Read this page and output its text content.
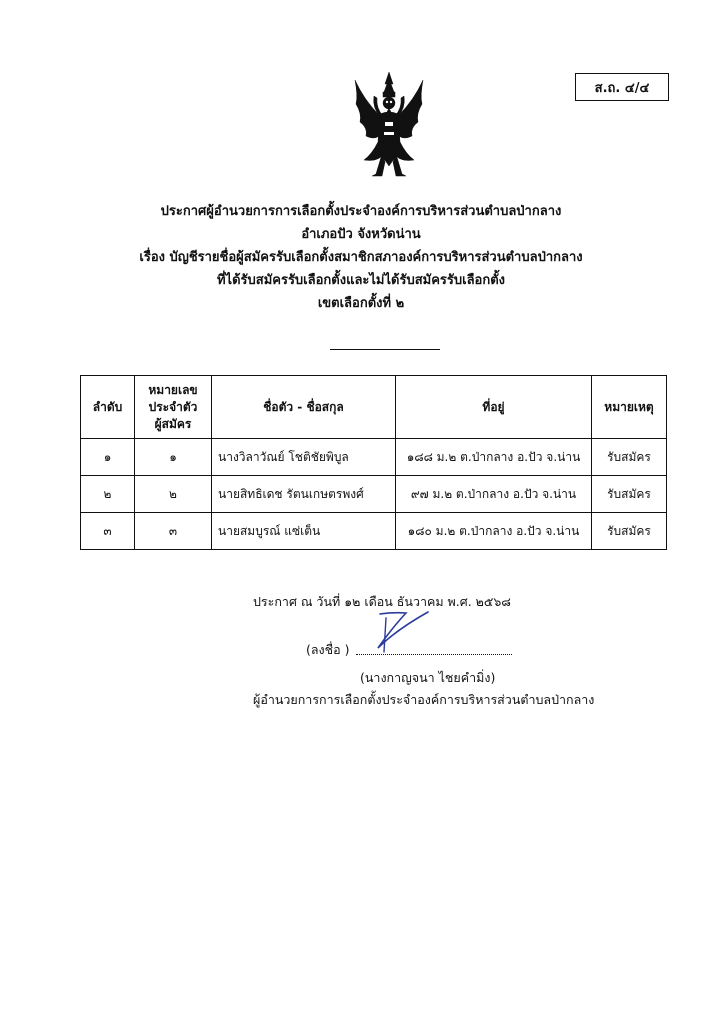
ส.ถ. ๔/๔
ประกาศผู้อำนวยการการเลือกตั้งประจำองค์การบริหารส่วนตำบลป่ากลาง
อำเภอปัว จังหวัดน่าน
เรื่อง บัญชีรายชื่อผู้สมัครรับเลือกตั้งสมาชิกสภาองค์การบริหารส่วนตำบลป่ากลาง
ที่ได้รับสมัครรับเลือกตั้งและไม่ได้รับสมัครรับเลือกตั้ง
เขตเลือกตั้งที่ ๒
ลำดับ	หมายเลข
ประจำตัว
ผู้สมัคร	ชื่อตัว - ชื่อสกุล	ที่อยู่	หมายเหตุ
๑	๑	นางวิลาวัณย์ โชติชัยพิบูล	๑๘๘ ม.๒ ต.ป่ากลาง อ.ปัว จ.น่าน	รับสมัคร
๒	๒	นายสิทธิเดช รัตนเกษตรพงศ์	๙๗ ม.๒ ต.ป่ากลาง อ.ปัว จ.น่าน	รับสมัคร
๓	๓	นายสมบูรณ์ แซ่เต็น	๑๘๐ ม.๒ ต.ป่ากลาง อ.ปัว จ.น่าน	รับสมัคร
ประกาศ ณ วันที่ ๑๒ เดือน ธันวาคม พ.ศ. ๒๕๖๘
(ลงชื่อ )
(นางกาญจนา ไชยคำมิ่ง)
ผู้อำนวยการการเลือกตั้งประจำองค์การบริหารส่วนตำบลป่ากลาง
